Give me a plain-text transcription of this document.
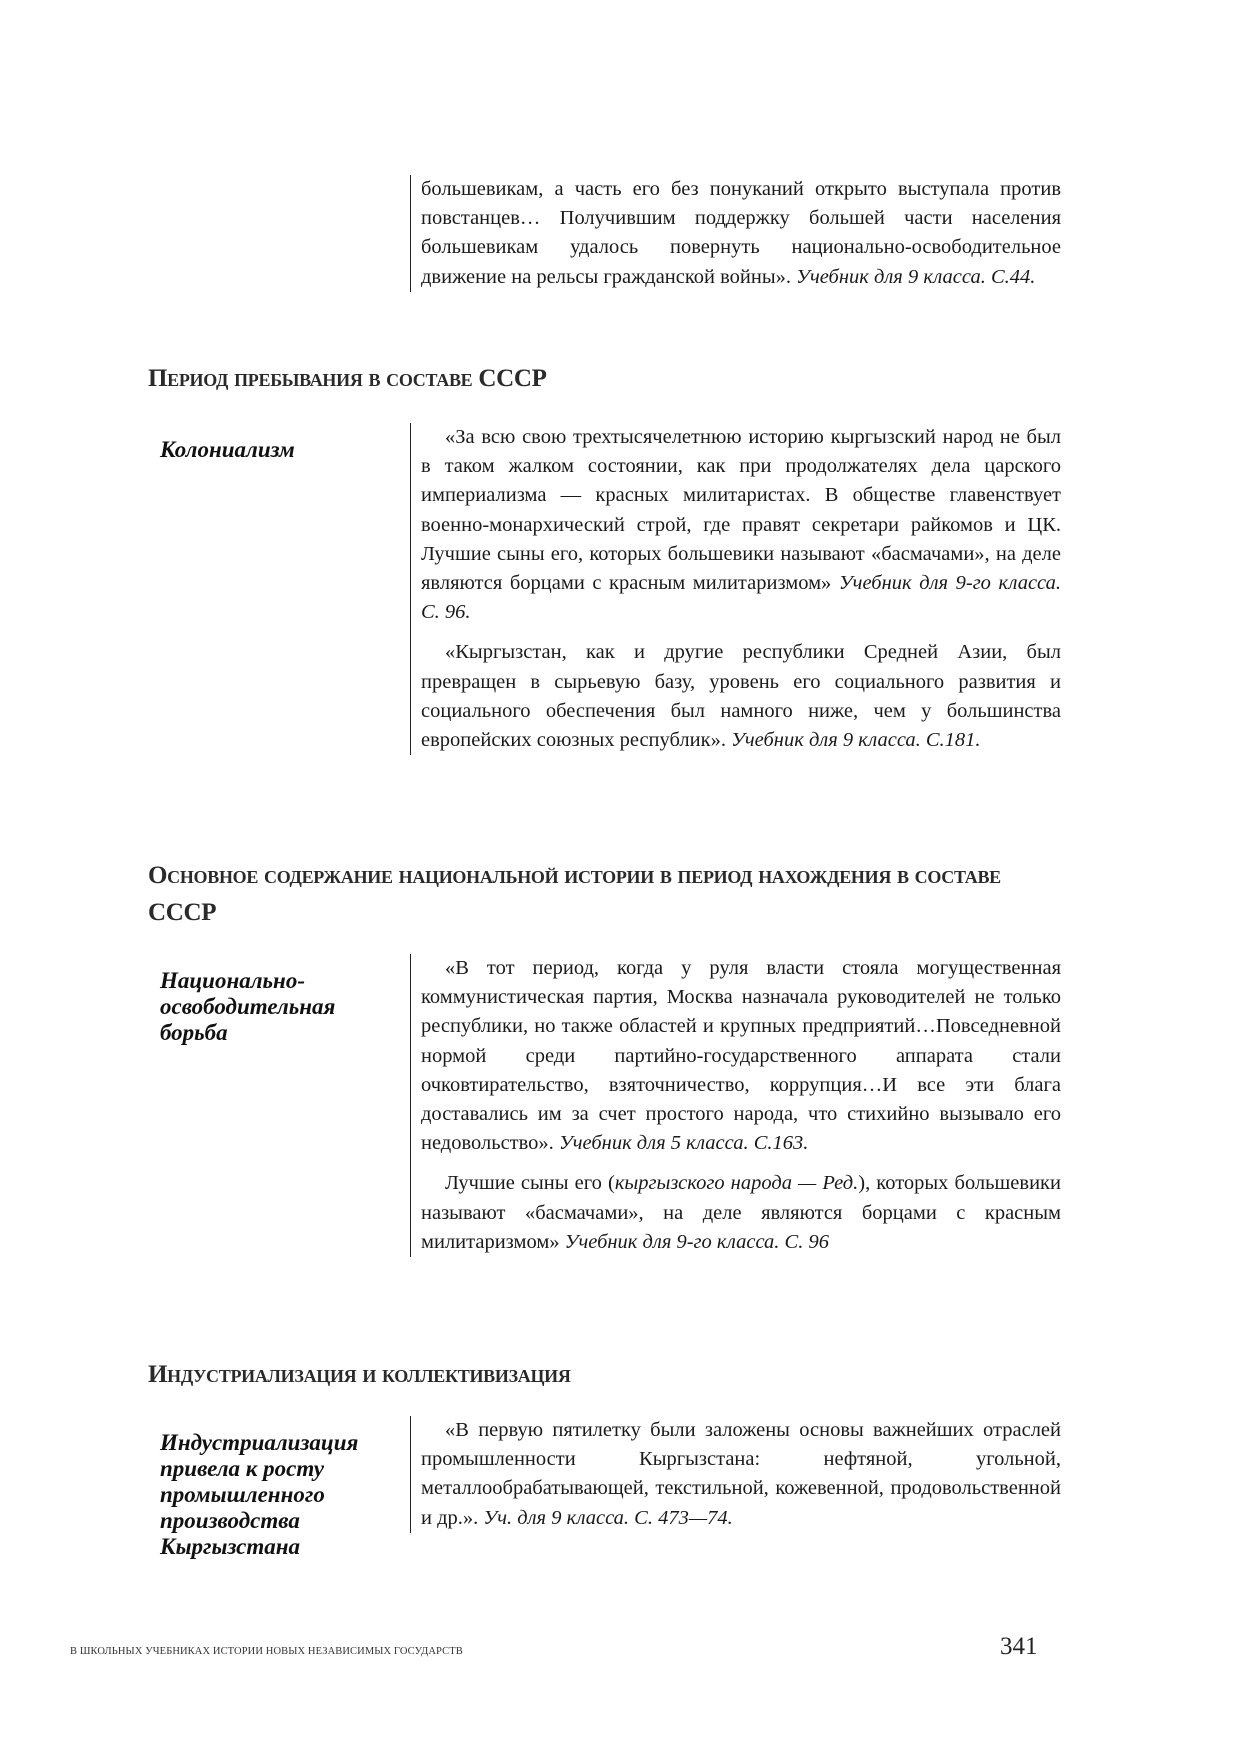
большевикам, а часть его без понуканий открыто выступала против повстанцев… Получившим поддержку большей части населения большевикам удалось повернуть национально-освободительное движение на рельсы гражданской войны». Учебник для 9 класса. С.44.

Период пребывания в составе СССР
Колониализм	«За всю свою трехтысячелетнюю историю кыргызский народ не был в таком жалком состоянии, как при продолжателях дела царского империализма — красных милитаристах. В обществе главенствует военно-монархический строй, где правят секретари райкомов и ЦК. Лучшие сыны его, которых большевики называют «басмачами», на деле являются борцами с красным милитаризмом» Учебник для 9-го класса. С. 96.

«Кыргызстан, как и другие республики Средней Азии, был превращен в сырьевую базу, уровень его социального развития и социального обеспечения был намного ниже, чем у большинства европейских союзных республик». Учебник для 9 класса. С.181.

Основное содержание национальной истории в период нахождения в составе СССР
Национально-освободительная борьба

«В тот период, когда у руля власти стояла могущественная коммунистическая партия, Москва назначала руководителей не только республики, но также областей и крупных предприятий…Повседневной нормой среди партийно-государственного аппарата стали очковтирательство, взяточничество, коррупция…И все эти блага доставались им за счет простого народа, что стихийно вызывало его недовольство». Учебник для 5 класса. С.163.

Лучшие сыны его (кыргызского народа — Ред.), которых большевики называют «басмачами», на деле являются борцами с красным милитаризмом» Учебник для 9-го класса. С. 96

Индустриализация и коллективизация
Индустриализация привела к росту промышленного производства Кыргызстана

«В первую пятилетку были заложены основы важнейших отраслей промышленности Кыргызстана: нефтяной, угольной, металлообрабатывающей, текстильной, кожевенной, продовольственной и др.». Уч. для 9 класса. С. 473—74.

В ШКОЛЬНЫХ УЧЕБНИКАХ ИСТОРИИ НОВЫХ НЕЗАВИСИМЫХ ГОСУДАРСТВ	341
